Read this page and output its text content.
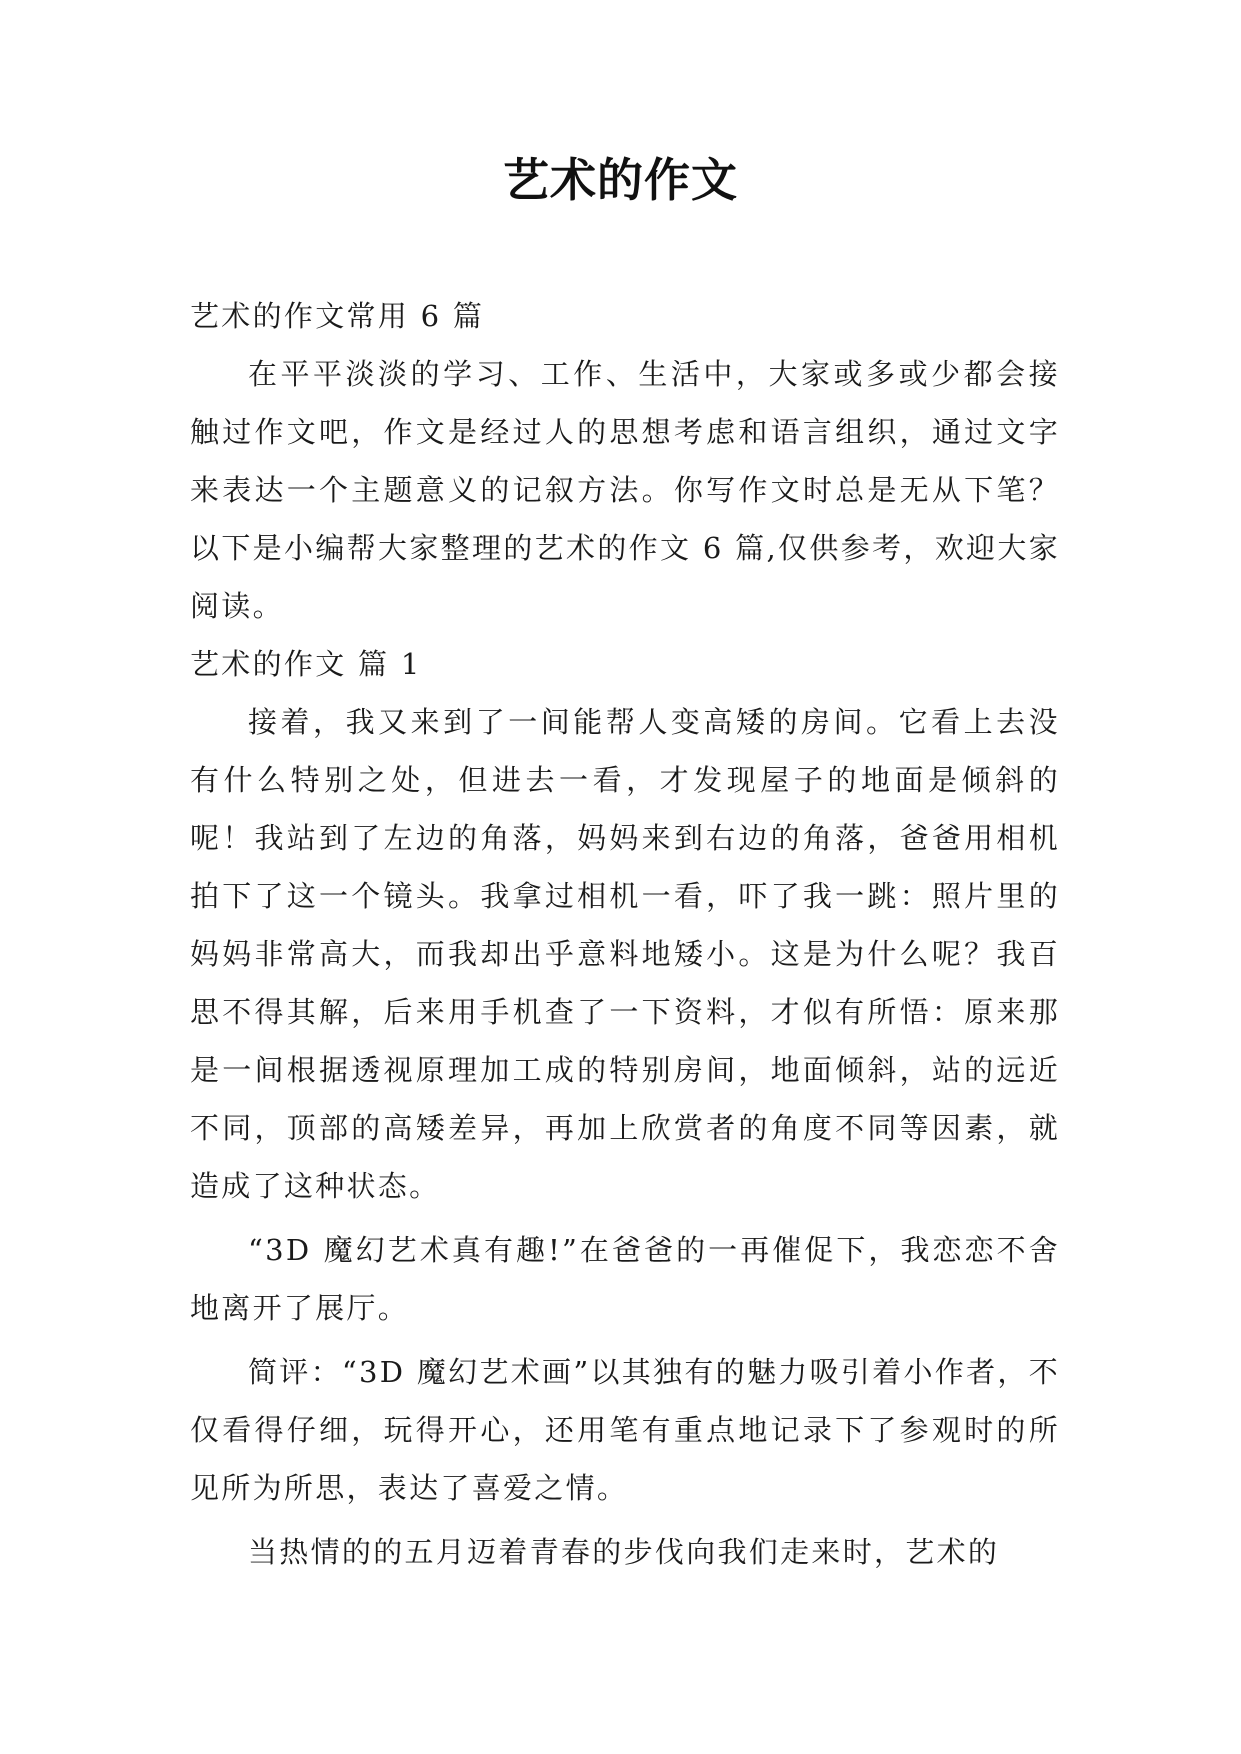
艺术的作文

艺术的作文常用 6 篇

在平平淡淡的学习、工作、生活中，大家或多或少都会接触过作文吧，作文是经过人的思想考虑和语言组织，通过文字来表达一个主题意义的记叙方法。你写作文时总是无从下笔？以下是小编帮大家整理的艺术的作文 6 篇,仅供参考，欢迎大家阅读。

艺术的作文 篇 1

接着，我又来到了一间能帮人变高矮的房间。它看上去没有什么特别之处，但进去一看，才发现屋子的地面是倾斜的呢！我站到了左边的角落，妈妈来到右边的角落，爸爸用相机拍下了这一个镜头。我拿过相机一看，吓了我一跳：照片里的妈妈非常高大，而我却出乎意料地矮小。这是为什么呢？我百思不得其解，后来用手机查了一下资料，才似有所悟：原来那是一间根据透视原理加工成的特别房间，地面倾斜，站的远近不同，顶部的高矮差异，再加上欣赏者的角度不同等因素，就造成了这种状态。

“3D 魔幻艺术真有趣!”在爸爸的一再催促下，我恋恋不舍地离开了展厅。

简评：“3D 魔幻艺术画”以其独有的魅力吸引着小作者，不仅看得仔细，玩得开心，还用笔有重点地记录下了参观时的所见所为所思，表达了喜爱之情。

当热情的的五月迈着青春的步伐向我们走来时，艺术的
